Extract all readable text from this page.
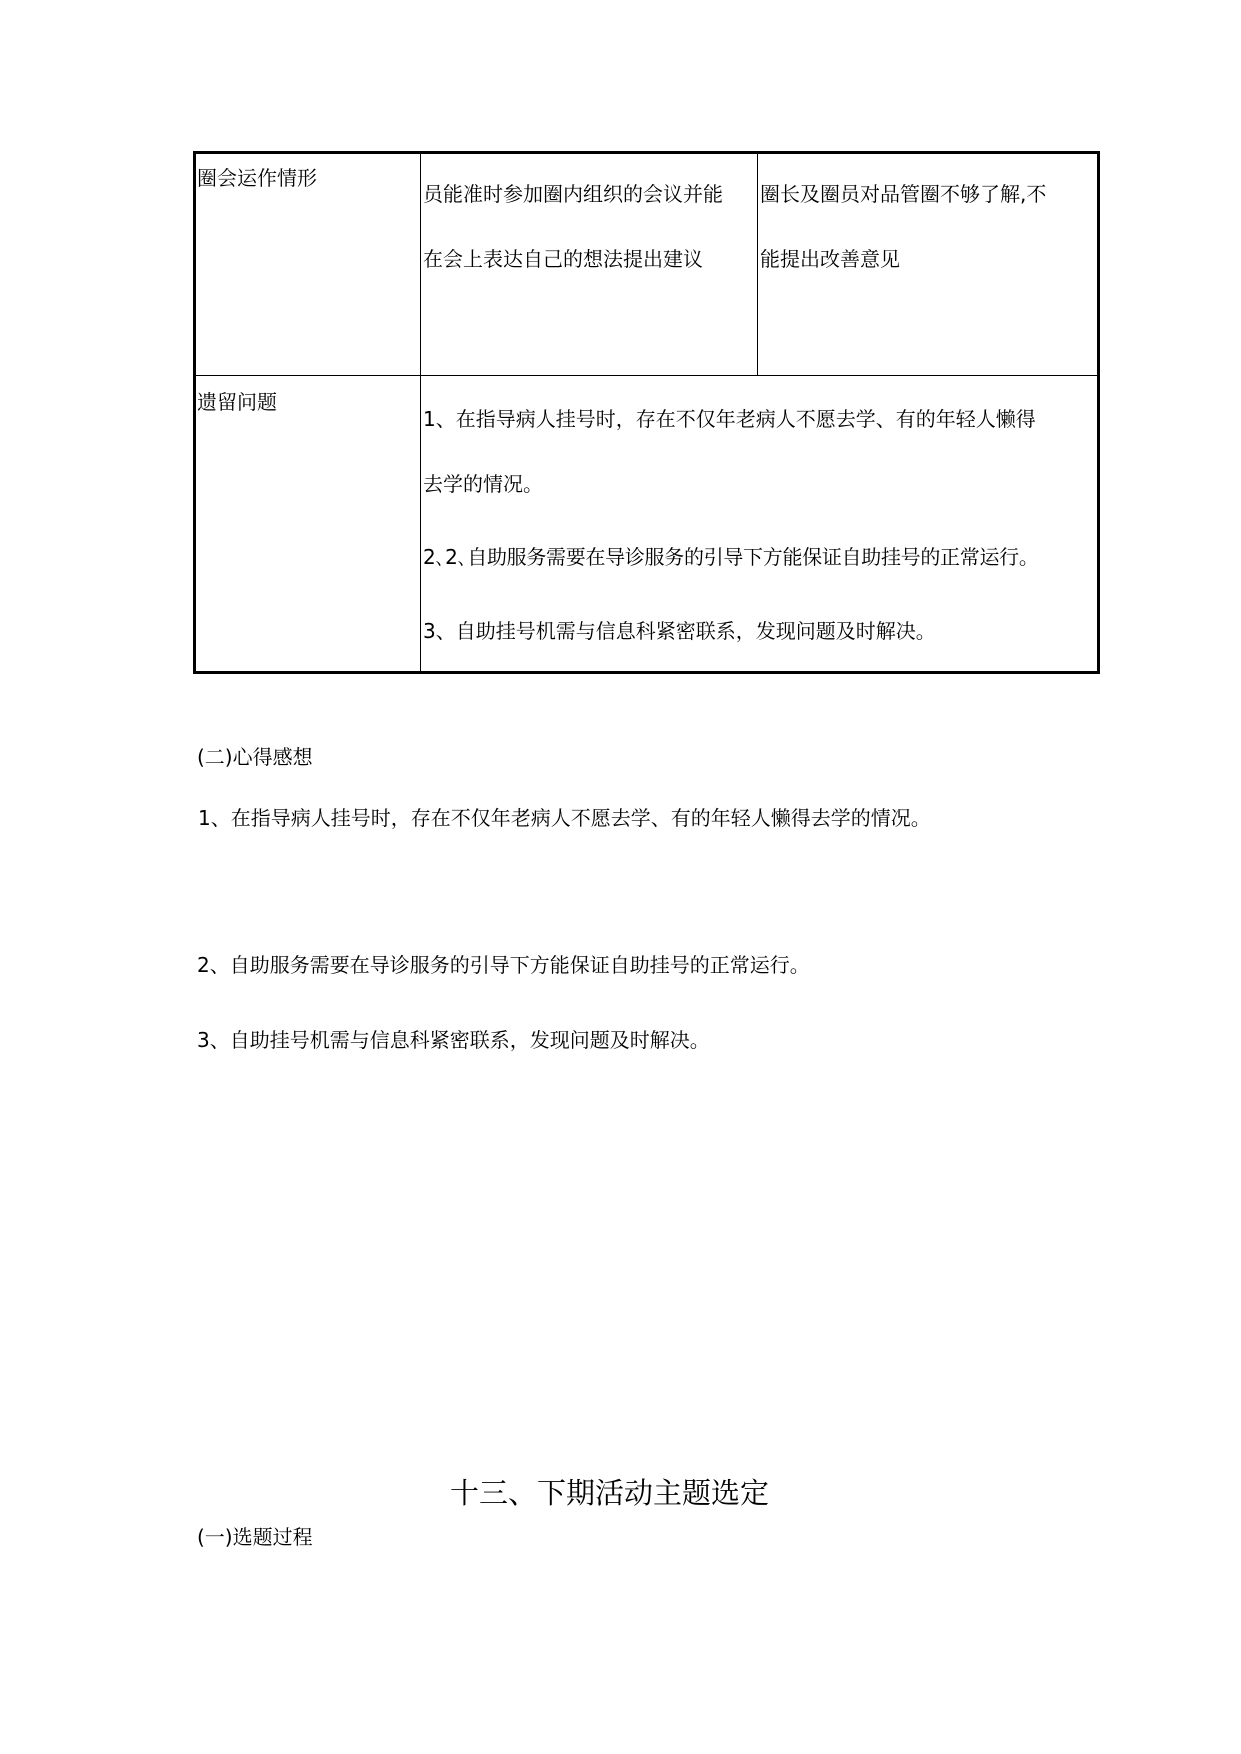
圈会运作情形
员能准时参加圈内组织的会议并能
在会上表达自己的想法提出建议
圈长及圈员对品管圈不够了解,不
能提出改善意见
遗留问题
1、在指导病人挂号时，存在不仅年老病人不愿去学、有的年轻人懒得
去学的情况。
2､2､自助服务需要在导诊服务的引导下方能保证自助挂号的正常运行。
3、自助挂号机需与信息科紧密联系，发现问题及时解决。
(二)心得感想
1、在指导病人挂号时，存在不仅年老病人不愿去学、有的年轻人懒得去学的情况。
2、自助服务需要在导诊服务的引导下方能保证自助挂号的正常运行。
3、自助挂号机需与信息科紧密联系，发现问题及时解决。
十三、下期活动主题选定
(一)选题过程
